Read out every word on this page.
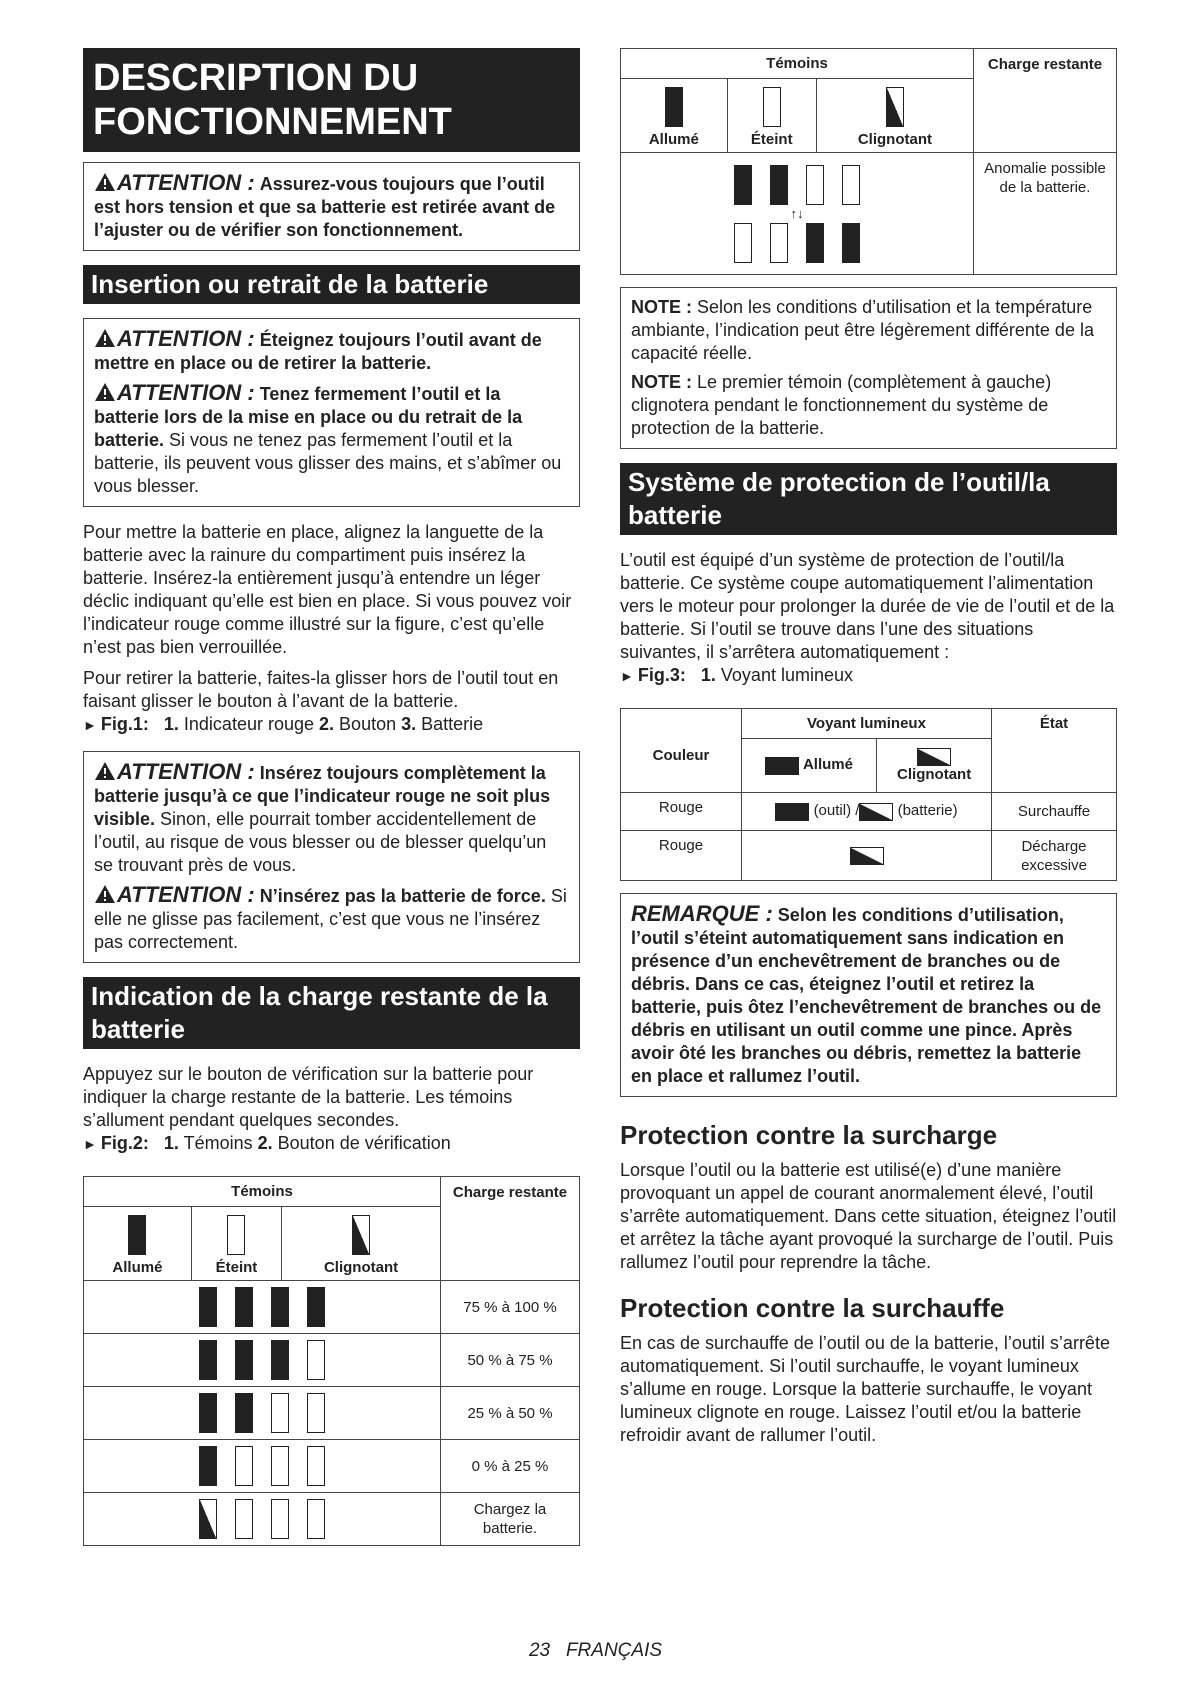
DESCRIPTION DU FONCTIONNEMENT

ATTENTION : Assurez-vous toujours que l’outil est hors tension et que sa batterie est retirée avant de l’ajuster ou de vérifier son fonctionnement.

Insertion ou retrait de la batterie

ATTENTION : Éteignez toujours l’outil avant de mettre en place ou de retirer la batterie.

ATTENTION : Tenez fermement l’outil et la batterie lors de la mise en place ou du retrait de la batterie. Si vous ne tenez pas fermement l’outil et la batterie, ils peuvent vous glisser des mains, et s’abîmer ou vous blesser.

Pour mettre la batterie en place, alignez la languette de la batterie avec la rainure du compartiment puis insérez la batterie. Insérez-la entièrement jusqu’à entendre un léger déclic indiquant qu’elle est bien en place. Si vous pouvez voir l’indicateur rouge comme illustré sur la figure, c’est qu’elle n’est pas bien verrouillée.

Pour retirer la batterie, faites-la glisser hors de l’outil tout en faisant glisser le bouton à l’avant de la batterie.

► Fig.1: 1. Indicateur rouge 2. Bouton 3. Batterie

ATTENTION : Insérez toujours complètement la batterie jusqu’à ce que l’indicateur rouge ne soit plus visible. Sinon, elle pourrait tomber accidentellement de l’outil, au risque de vous blesser ou de blesser quelqu’un se trouvant près de vous.

ATTENTION : N’insérez pas la batterie de force. Si elle ne glisse pas facilement, c’est que vous ne l’insérez pas correctement.

Indication de la charge restante de la batterie

Appuyez sur le bouton de vérification sur la batterie pour indiquer la charge restante de la batterie. Les témoins s’allument pendant quelques secondes.

► Fig.2: 1. Témoins 2. Bouton de vérification
Témoins			Charge restante

Allumé	Éteint	Clignotant	
			75 % à 100 %
			50 % à 75 %
			25 % à 50 %
			0 % à 25 %
			Chargez la batterie.
Témoins			Charge restante

Allumé	Éteint	Clignotant	

↑↓			Anomalie possible de la batterie.

NOTE : Selon les conditions d’utilisation et la température ambiante, l’indication peut être légèrement différente de la capacité réelle.

NOTE : Le premier témoin (complètement à gauche) clignotera pendant le fonctionnement du système de protection de la batterie.

Système de protection de l’outil/la batterie

L’outil est équipé d’un système de protection de l’outil/la batterie. Ce système coupe automatiquement l’alimentation vers le moteur pour prolonger la durée de vie de l’outil et de la batterie. Si l’outil se trouve dans l’une des situations suivantes, il s’arrêtera automatiquement :

► Fig.3: 1. Voyant lumineux
Couleur	Voyant lumineux		État
	Allumé	Clignotant	
Rouge	(outil) / (batterie)		Surchauffe
Rouge			Décharge excessive

REMARQUE : Selon les conditions d’utilisation, l’outil s’éteint automatiquement sans indication en présence d’un enchevêtrement de branches ou de débris. Dans ce cas, éteignez l’outil et retirez la batterie, puis ôtez l’enchevêtrement de branches ou de débris en utilisant un outil comme une pince. Après avoir ôté les branches ou débris, remettez la batterie en place et rallumez l’outil.

Protection contre la surcharge

Lorsque l’outil ou la batterie est utilisé(e) d’une manière provoquant un appel de courant anormalement élevé, l’outil s’arrête automatiquement. Dans cette situation, éteignez l’outil et arrêtez la tâche ayant provoqué la surcharge de l’outil. Puis rallumez l’outil pour reprendre la tâche.

Protection contre la surchauffe

En cas de surchauffe de l’outil ou de la batterie, l’outil s’arrête automatiquement. Si l’outil surchauffe, le voyant lumineux s’allume en rouge. Lorsque la batterie surchauffe, le voyant lumineux clignote en rouge. Laissez l’outil et/ou la batterie refroidir avant de rallumer l’outil.

23 FRANÇAIS
